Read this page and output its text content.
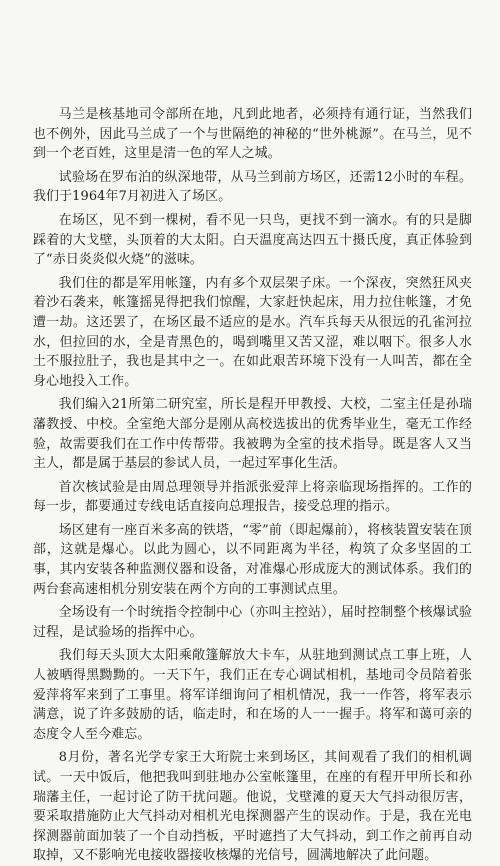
马兰是核基地司令部所在地，凡到此地者，必须持有通行证，当然我们也不例外，因此马兰成了一个与世隔绝的神秘的“世外桃源”。在马兰，见不到一个老百姓，这里是清一色的军人之城。

试验场在罗布泊的纵深地带，从马兰到前方场区，还需12小时的车程。我们于1964年7月初进入了场区。

在场区，见不到一棵树，看不见一只鸟，更找不到一滴水。有的只是脚踩着的大戈壁，头顶着的大太阳。白天温度高达四五十摄氏度，真正体验到了“赤日炎炎似火烧”的滋味。

我们住的都是军用帐篷，内有多个双层架子床。一个深夜，突然狂风夹着沙石袭来，帐篷摇晃得把我们惊醒，大家赶快起床，用力拉住帐篷，才免遭一劫。这还罢了，在场区最不适应的是水。汽车兵每天从很远的孔雀河拉水，但拉回的水，全是青黑色的，喝到嘴里又苦又涩，难以咽下。很多人水土不服拉肚子，我也是其中之一。在如此艰苦环境下没有一人叫苦，都在全身心地投入工作。

我们编入21所第二研究室，所长是程开甲教授、大校，二室主任是孙瑞藩教授、中校。全室绝大部分是刚从高校选拔出的优秀毕业生，毫无工作经验，故需要我们在工作中传帮带。我被聘为全室的技术指导。既是客人又当主人，都是属于基层的参试人员，一起过军事化生活。

首次核试验是由周总理领导并指派张爱萍上将亲临现场指挥的。工作的每一步，都要通过专线电话直接向总理报告，接受总理的指示。

场区建有一座百米多高的铁塔，“零”前（即起爆前），将核装置安装在顶部，这就是爆心。以此为圆心，以不同距离为半径，构筑了众多坚固的工事，其内安装各种监测仪器和设备，对准爆心形成庞大的测试体系。我们的两台套高速相机分别安装在两个方向的工事测试点里。

全场设有一个时统指令控制中心（亦叫主控站），届时控制整个核爆试验过程，是试验场的指挥中心。

我们每天头顶大太阳乘敞篷解放大卡车，从驻地到测试点工事上班，人人被晒得黑黝黝的。一天下午，我们正在专心调试相机，基地司令员陪着张爱萍将军来到了工事里。将军详细询问了相机情况，我一一作答，将军表示满意，说了许多鼓励的话，临走时，和在场的人一一握手。将军和蔼可亲的态度令人至今难忘。

8月份，著名光学专家王大珩院士来到场区，其间观看了我们的相机调试。一天中饭后，他把我叫到驻地办公室帐篷里，在座的有程开甲所长和孙瑞藩主任，一起讨论了防干扰问题。他说，戈壁滩的夏天大气抖动很厉害，要采取措施防止大气抖动对相机光电探测器产生的误动作。于是，我在光电探测器前面加装了一个自动挡板，平时遮挡了大气抖动，到工作之前再自动取掉，又不影响光电接收器接收核爆的光信号，圆满地解决了此问题。
